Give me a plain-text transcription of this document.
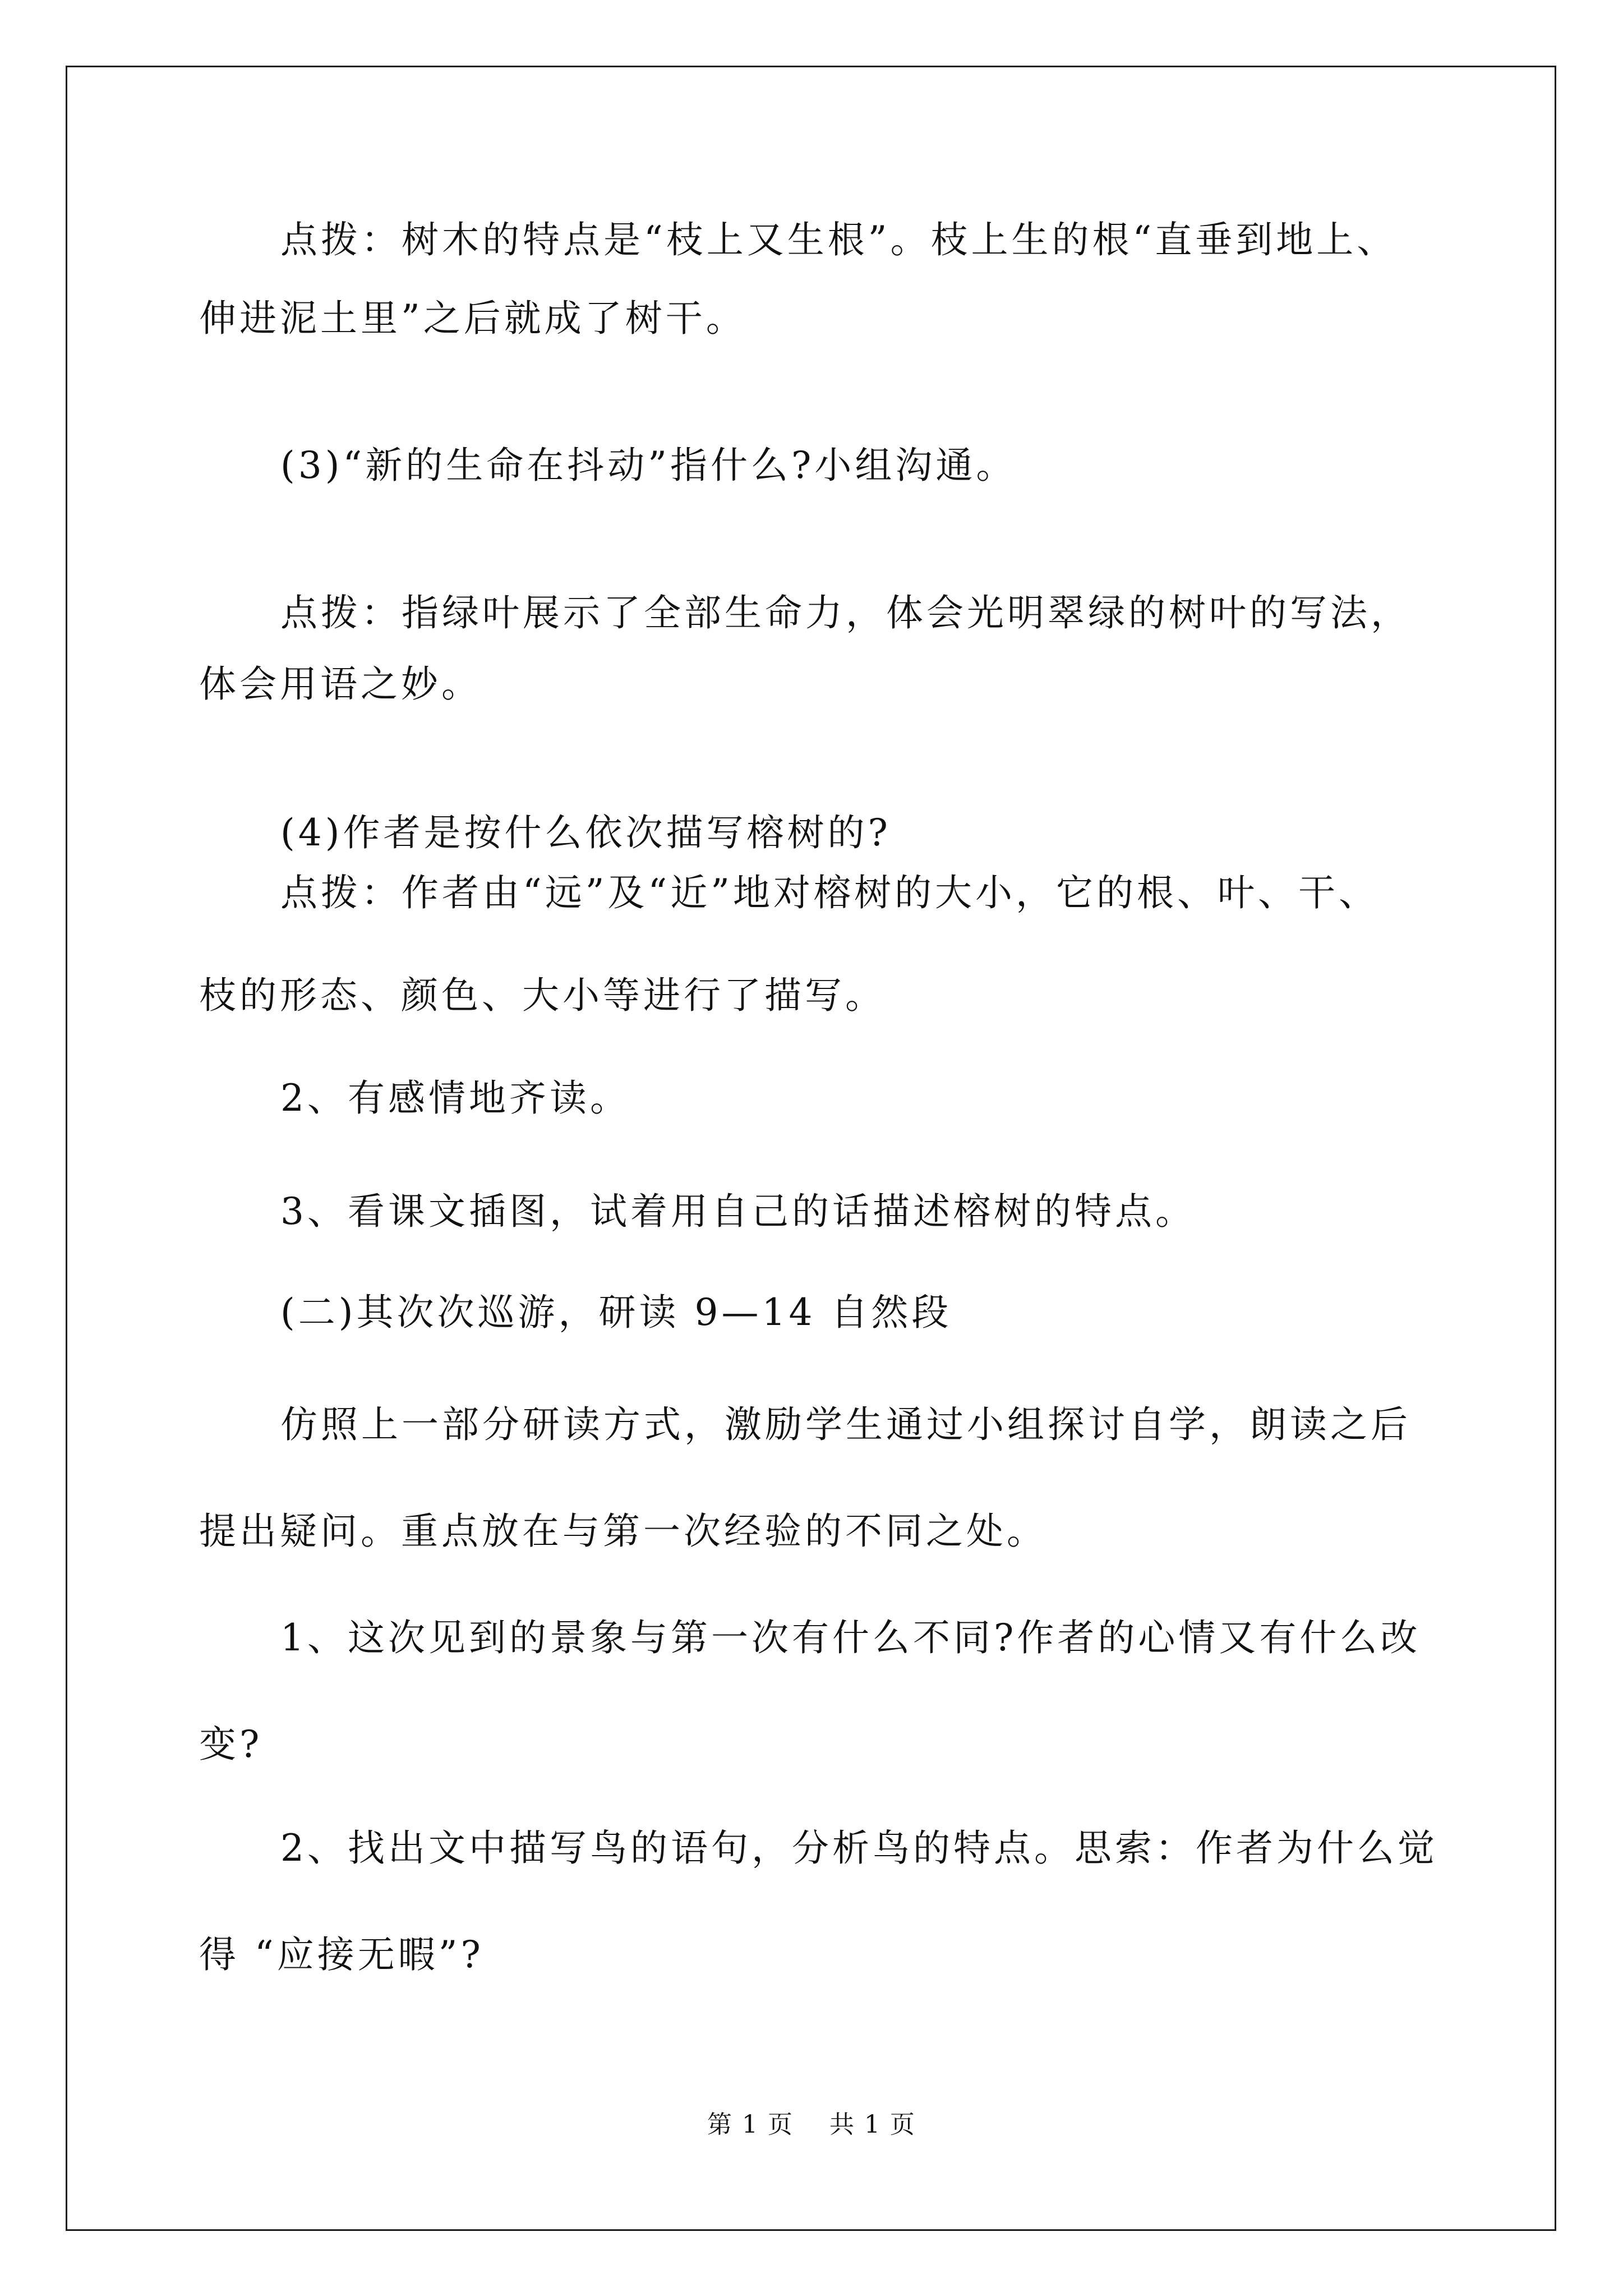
点拨：树木的特点是“枝上又生根”。枝上生的根“直垂到地上、
伸进泥土里”之后就成了树干。
(3)“新的生命在抖动”指什么?小组沟通。
点拨：指绿叶展示了全部生命力，体会光明翠绿的树叶的写法，
体会用语之妙。
(4)作者是按什么依次描写榕树的?
点拨：作者由“远”及“近”地对榕树的大小，它的根、叶、干、
枝的形态、颜色、大小等进行了描写。
2、有感情地齐读。
3、看课文插图，试着用自己的话描述榕树的特点。
(二)其次次巡游，研读 9—14 自然段
仿照上一部分研读方式，激励学生通过小组探讨自学，朗读之后
提出疑问。重点放在与第一次经验的不同之处。
1、这次见到的景象与第一次有什么不同?作者的心情又有什么改
变?
2、找出文中描写鸟的语句，分析鸟的特点。思索：作者为什么觉
得 “应接无暇”?
第 1 页 共 1 页
